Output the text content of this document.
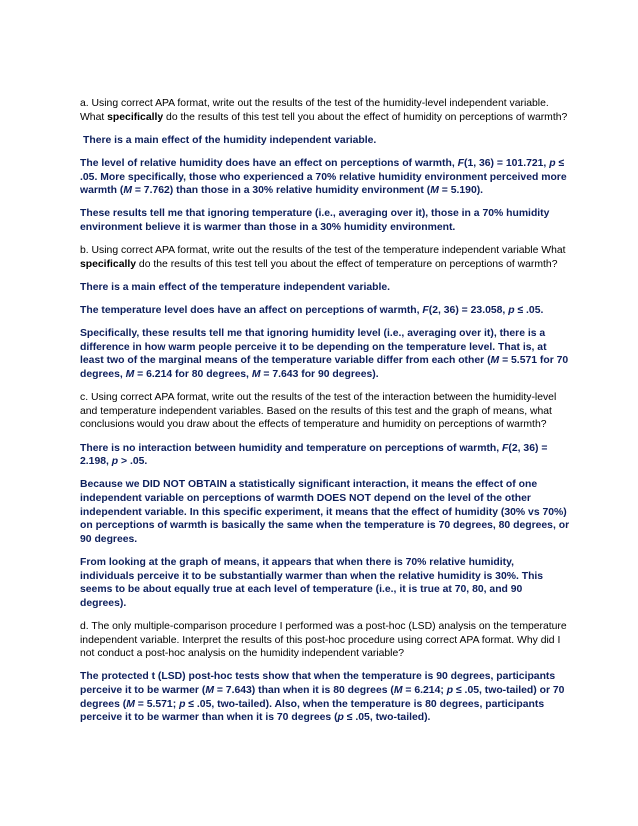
a. Using correct APA format, write out the results of the test of the humidity-level independent variable. What specifically do the results of this test tell you about the effect of humidity on perceptions of warmth?

There is a main effect of the humidity independent variable.

The level of relative humidity does have an effect on perceptions of warmth, F(1, 36) = 101.721, p ≤ .05. More specifically, those who experienced a 70% relative humidity environment perceived more warmth (M = 7.762) than those in a 30% relative humidity environment (M = 5.190).

These results tell me that ignoring temperature (i.e., averaging over it), those in a 70% humidity environment believe it is warmer than those in a 30% humidity environment.

b. Using correct APA format, write out the results of the test of the temperature independent variable What specifically do the results of this test tell you about the effect of temperature on perceptions of warmth?

There is a main effect of the temperature independent variable.

The temperature level does have an affect on perceptions of warmth, F(2, 36) = 23.058, p ≤ .05.

Specifically, these results tell me that ignoring humidity level (i.e., averaging over it), there is a difference in how warm people perceive it to be depending on the temperature level. That is, at least two of the marginal means of the temperature variable differ from each other (M = 5.571 for 70 degrees, M = 6.214 for 80 degrees, M = 7.643 for 90 degrees).

c. Using correct APA format, write out the results of the test of the interaction between the humidity-level and temperature independent variables. Based on the results of this test and the graph of means, what conclusions would you draw about the effects of temperature and humidity on perceptions of warmth?

There is no interaction between humidity and temperature on perceptions of warmth, F(2, 36) = 2.198, p > .05.

Because we DID NOT OBTAIN a statistically significant interaction, it means the effect of one independent variable on perceptions of warmth DOES NOT depend on the level of the other independent variable. In this specific experiment, it means that the effect of humidity (30% vs 70%) on perceptions of warmth is basically the same when the temperature is 70 degrees, 80 degrees, or 90 degrees.

From looking at the graph of means, it appears that when there is 70% relative humidity, individuals perceive it to be substantially warmer than when the relative humidity is 30%. This seems to be about equally true at each level of temperature (i.e., it is true at 70, 80, and 90 degrees).

d. The only multiple-comparison procedure I performed was a post-hoc (LSD) analysis on the temperature independent variable. Interpret the results of this post-hoc procedure using correct APA format. Why did I not conduct a post-hoc analysis on the humidity independent variable?

The protected t (LSD) post-hoc tests show that when the temperature is 90 degrees, participants perceive it to be warmer (M = 7.643) than when it is 80 degrees (M = 6.214; p ≤ .05, two-tailed) or 70 degrees (M = 5.571; p ≤ .05, two-tailed). Also, when the temperature is 80 degrees, participants perceive it to be warmer than when it is 70 degrees (p ≤ .05, two-tailed).
